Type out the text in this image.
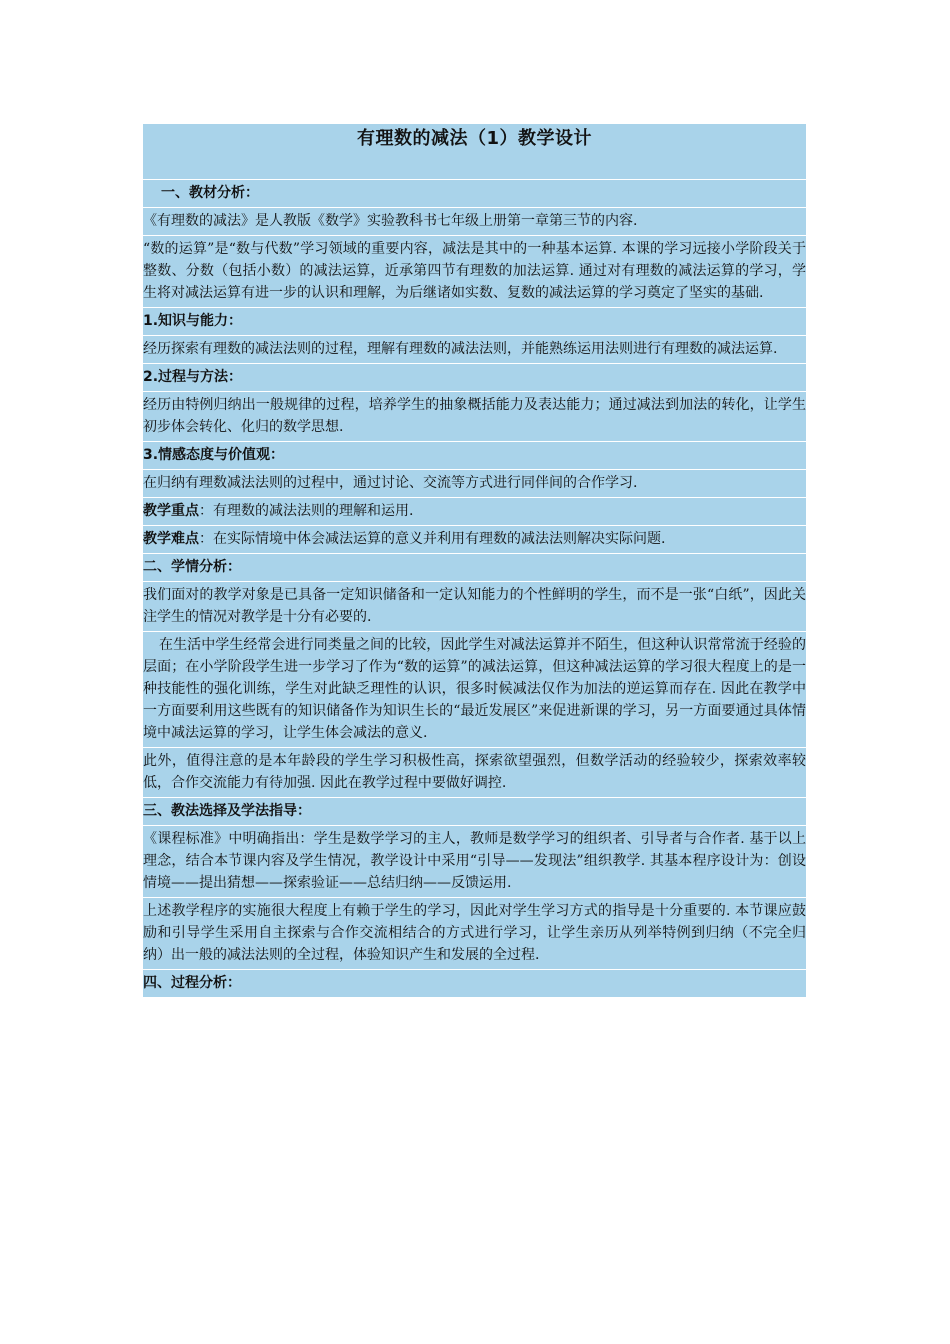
有理数的减法（1）教学设计
一、教材分析：
《有理数的减法》是人教版《数学》实验教科书七年级上册第一章第三节的内容.
“数的运算”是“数与代数”学习领域的重要内容，减法是其中的一种基本运算. 本课的学习远接小学阶段关于整数、分数（包括小数）的减法运算，近承第四节有理数的加法运算. 通过对有理数的减法运算的学习，学生将对减法运算有进一步的认识和理解，为后继诸如实数、复数的减法运算的学习奠定了坚实的基础.
1.知识与能力：
经历探索有理数的减法法则的过程，理解有理数的减法法则，并能熟练运用法则进行有理数的减法运算.
2.过程与方法：
经历由特例归纳出一般规律的过程，培养学生的抽象概括能力及表达能力；通过减法到加法的转化，让学生初步体会转化、化归的数学思想.
3.情感态度与价值观：
在归纳有理数减法法则的过程中，通过讨论、交流等方式进行同伴间的合作学习.
教学重点：有理数的减法法则的理解和运用.
教学难点：在实际情境中体会减法运算的意义并利用有理数的减法法则解决实际问题.
二、学情分析：
我们面对的教学对象是已具备一定知识储备和一定认知能力的个性鲜明的学生，而不是一张“白纸”，因此关注学生的情况对教学是十分有必要的.
在生活中学生经常会进行同类量之间的比较，因此学生对减法运算并不陌生，但这种认识常常流于经验的层面；在小学阶段学生进一步学习了作为“数的运算”的减法运算，但这种减法运算的学习很大程度上的是一种技能性的强化训练，学生对此缺乏理性的认识，很多时候减法仅作为加法的逆运算而存在. 因此在教学中一方面要利用这些既有的知识储备作为知识生长的“最近发展区”来促进新课的学习，另一方面要通过具体情境中减法运算的学习，让学生体会减法的意义.
此外，值得注意的是本年龄段的学生学习积极性高，探索欲望强烈，但数学活动的经验较少，探索效率较低，合作交流能力有待加强. 因此在教学过程中要做好调控.
三、教法选择及学法指导：
《课程标准》中明确指出：学生是数学学习的主人，教师是数学学习的组织者、引导者与合作者. 基于以上理念，结合本节课内容及学生情况，教学设计中采用“引导——发现法”组织教学. 其基本程序设计为：创设情境——提出猜想——探索验证——总结归纳——反馈运用.
上述教学程序的实施很大程度上有赖于学生的学习，因此对学生学习方式的指导是十分重要的. 本节课应鼓励和引导学生采用自主探索与合作交流相结合的方式进行学习，让学生亲历从列举特例到归纳（不完全归纳）出一般的减法法则的全过程，体验知识产生和发展的全过程.
四、过程分析：
